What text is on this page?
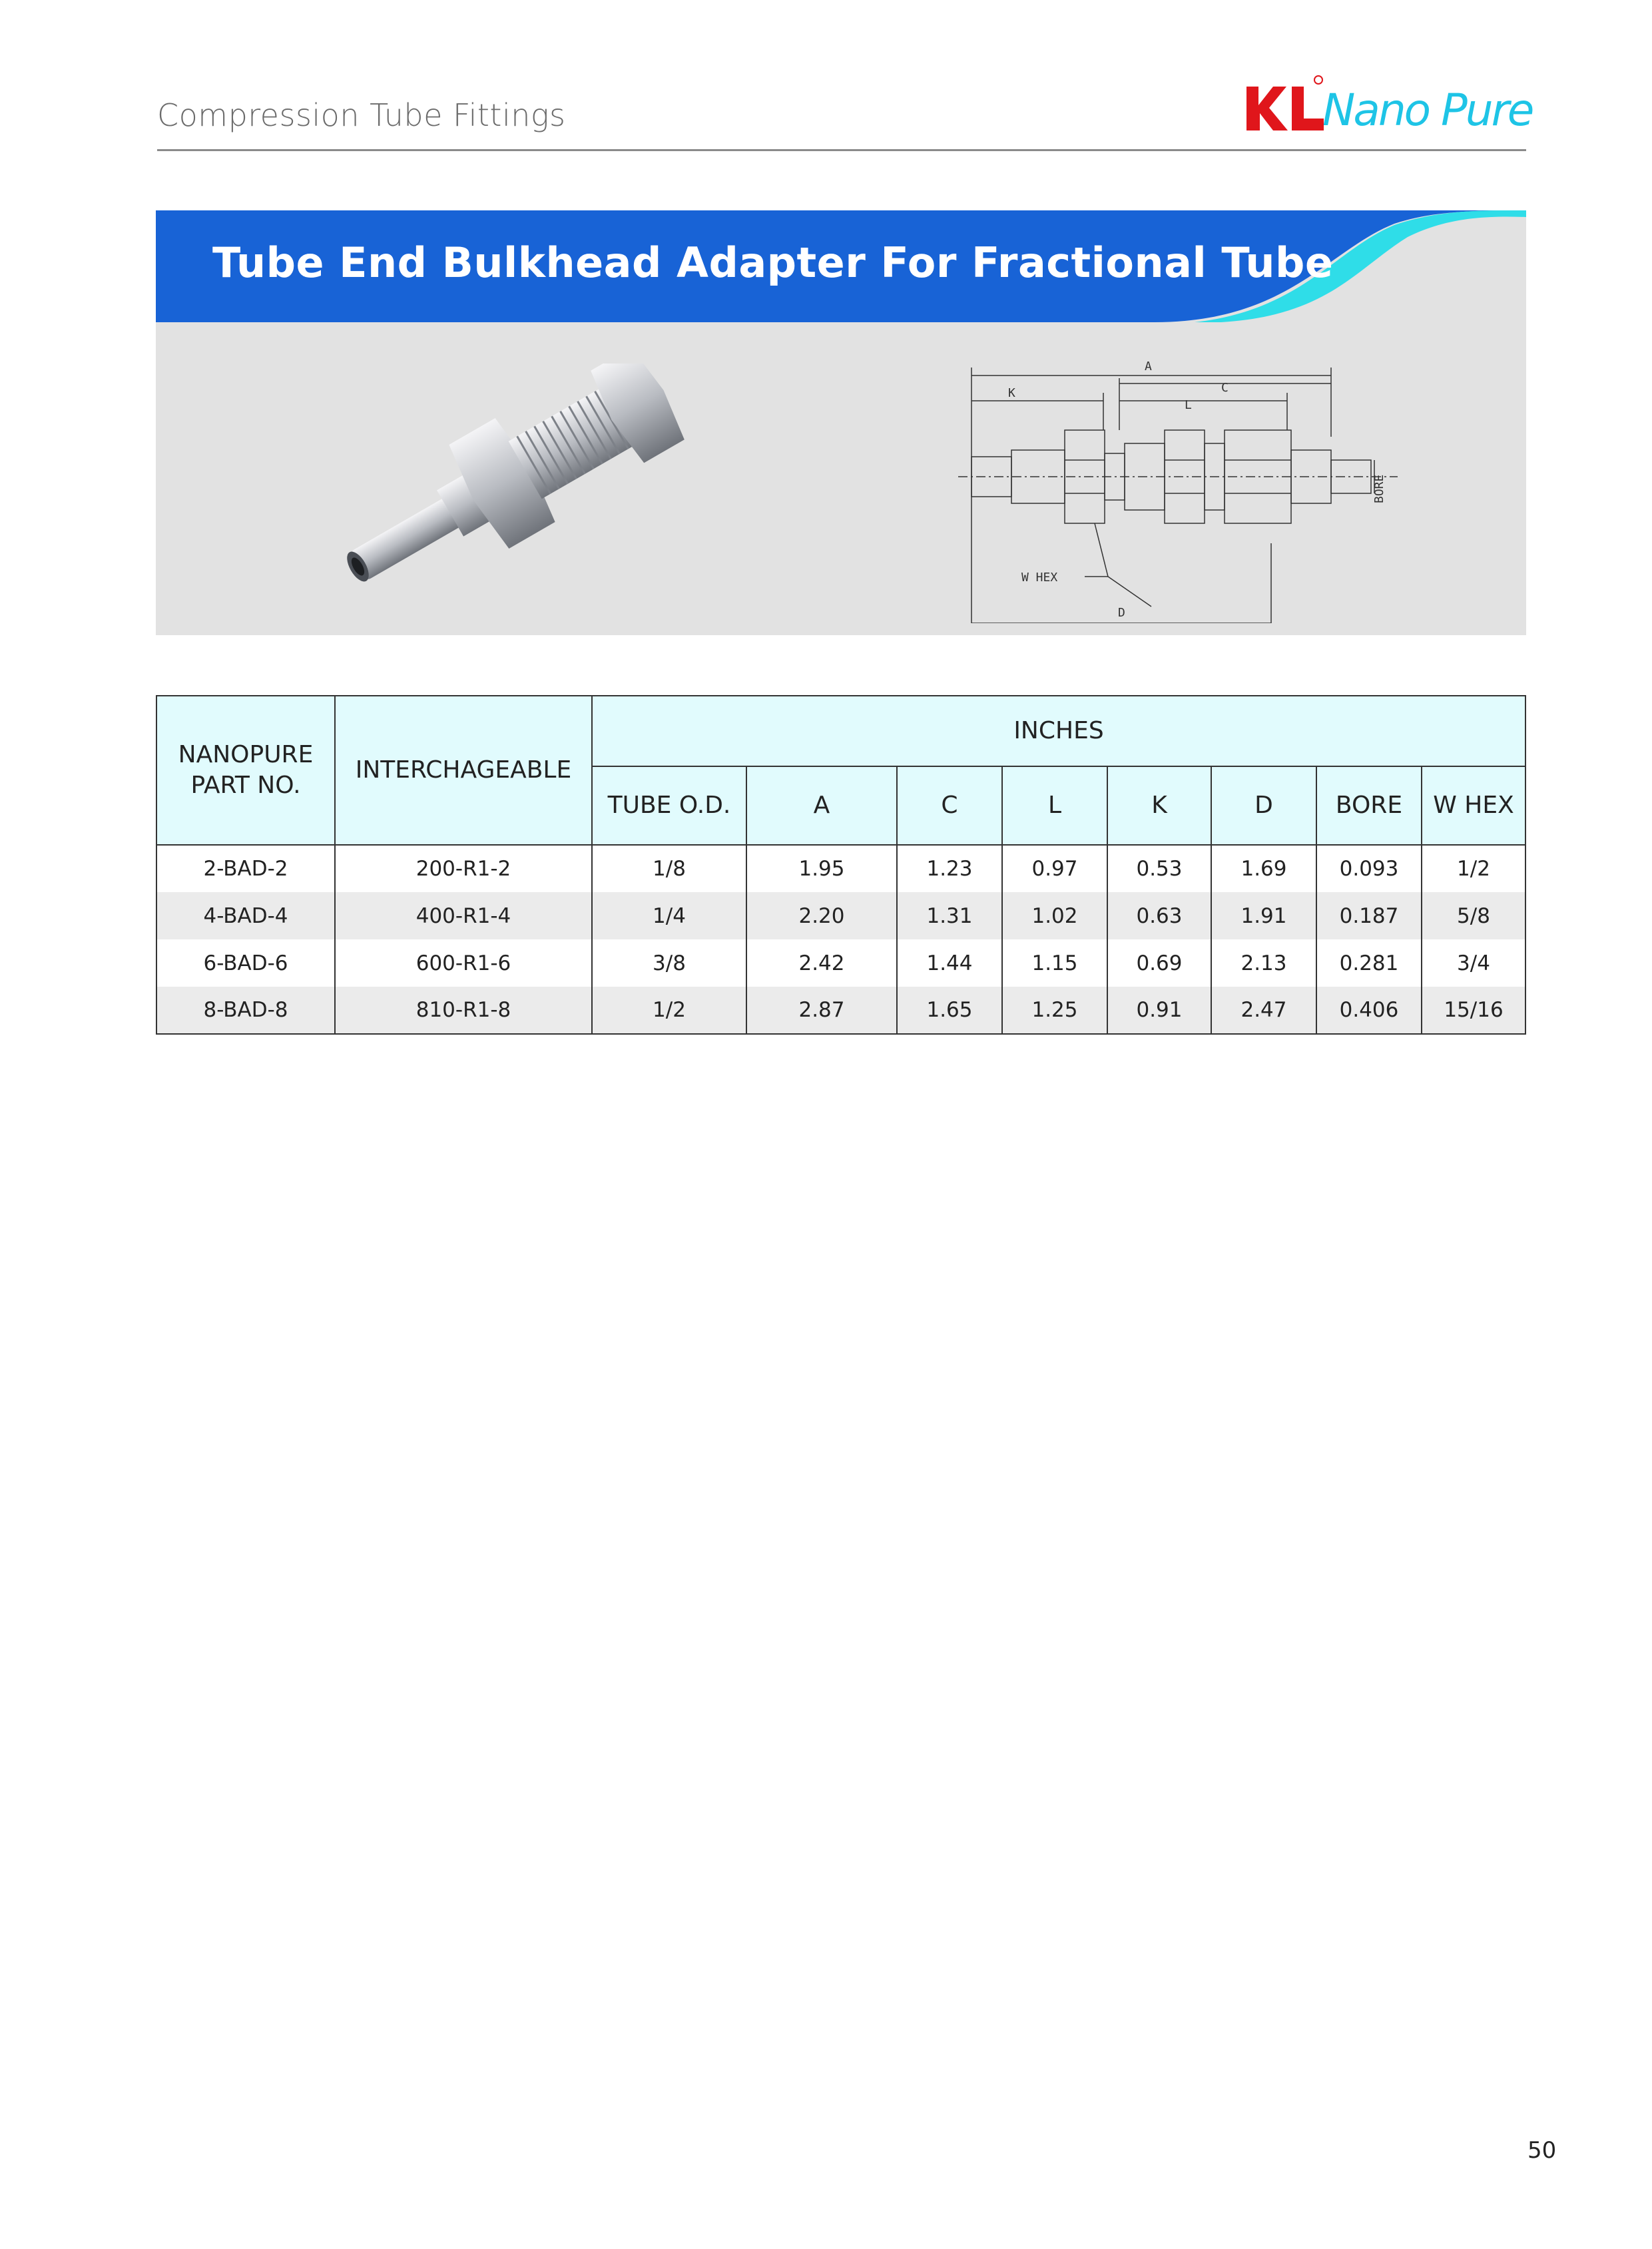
Compression Tube Fittings	Nano Pure
Tube End Bulkhead Adapter For Fractional Tube
A
C
K
L
BORE
W HEX
D
NANOPURE PART NO.	INTERCHAGEABLE	INCHES							
		TUBE O.D.	A	C	L	K	D	BORE	W HEX
2-BAD-2	200-R1-2	1/8	1.95	1.23	0.97	0.53	1.69	0.093	1/2
4-BAD-4	400-R1-4	1/4	2.20	1.31	1.02	0.63	1.91	0.187	5/8
6-BAD-6	600-R1-6	3/8	2.42	1.44	1.15	0.69	2.13	0.281	3/4
8-BAD-8	810-R1-8	1/2	2.87	1.65	1.25	0.91	2.47	0.406	15/16
50
